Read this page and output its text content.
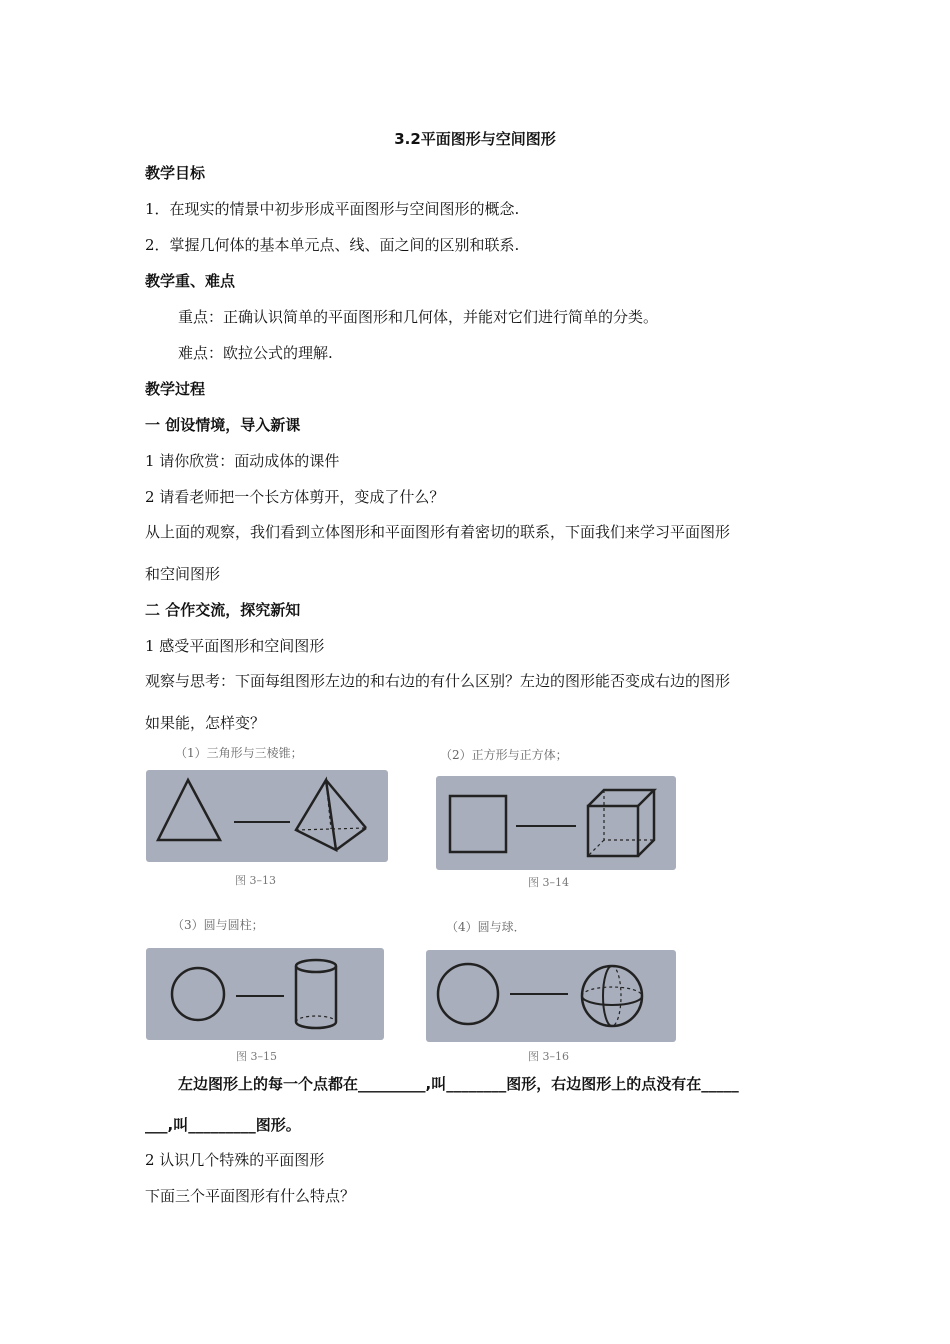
3.2平面图形与空间图形
教学目标
1．在现实的情景中初步形成平面图形与空间图形的概念.
2．掌握几何体的基本单元点、线、面之间的区别和联系.
教学重、难点
重点：正确认识简单的平面图形和几何体，并能对它们进行简单的分类。
难点：欧拉公式的理解.
教学过程
一 创设情境，导入新课
1 请你欣赏：面动成体的课件
2 请看老师把一个长方体剪开，变成了什么？
从上面的观察，我们看到立体图形和平面图形有着密切的联系，下面我们来学习平面图形
和空间图形
二 合作交流，探究新知
1 感受平面图形和空间图形
观察与思考：下面每组图形左边的和右边的有什么区别？左边的图形能否变成右边的图形
如果能，怎样变？
（1）三角形与三棱锥；	（2）正方形与正方体；
图 3–13	图 3–14
（3）圆与圆柱；	（4）圆与球．
图 3–15	图 3–16
左边图形上的每一个点都在_________,叫________图形，右边图形上的点没有在_____
___,叫_________图形。
2 认识几个特殊的平面图形
下面三个平面图形有什么特点？
